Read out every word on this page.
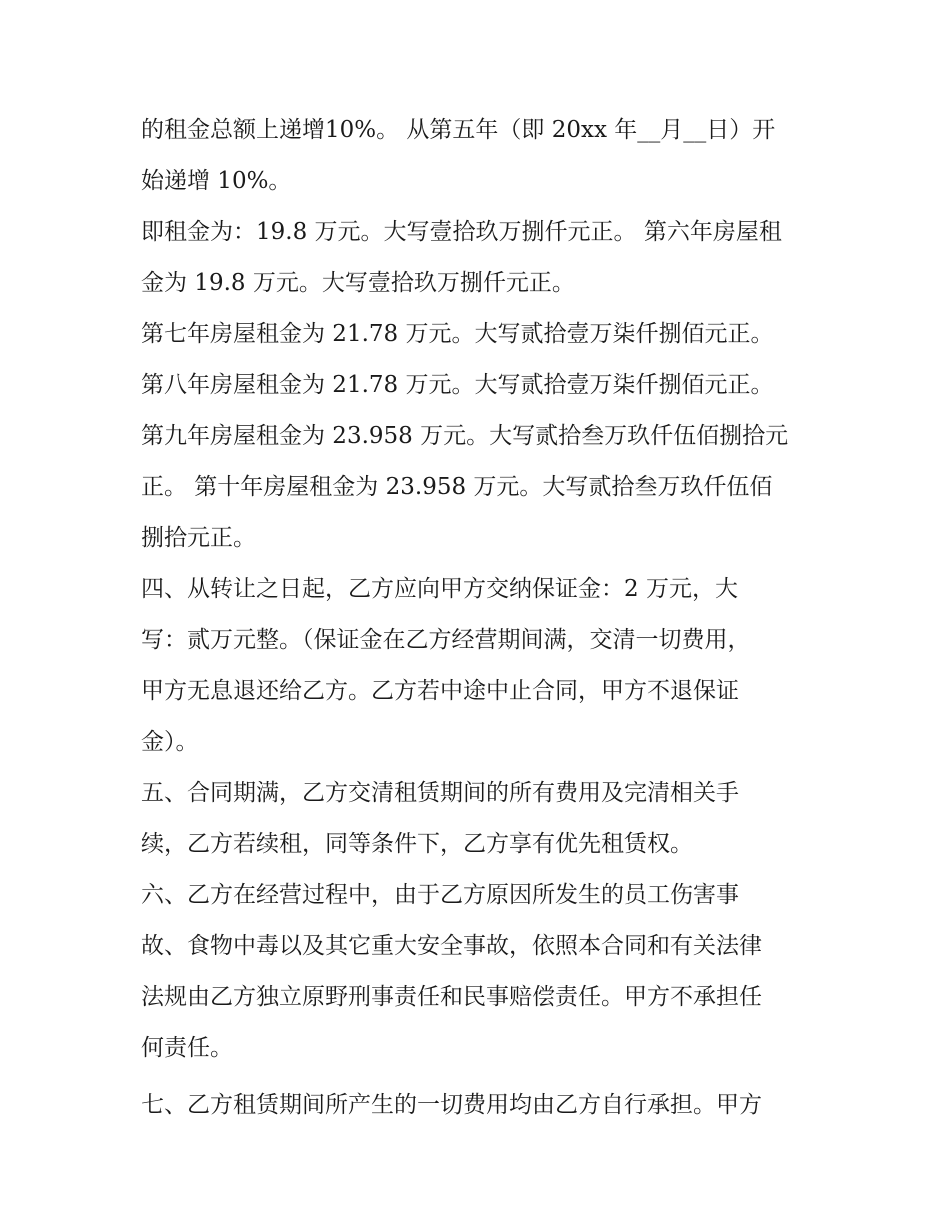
的租金总额上递增10%。 从第五年（即 20xx 年__月__日）开
始递增 10%。
即租金为：19.8 万元。大写壹拾玖万捌仟元正。 第六年房屋租
金为 19.8 万元。大写壹拾玖万捌仟元正。
第七年房屋租金为 21.78 万元。大写贰拾壹万柒仟捌佰元正。
第八年房屋租金为 21.78 万元。大写贰拾壹万柒仟捌佰元正。
第九年房屋租金为 23.958 万元。大写贰拾叁万玖仟伍佰捌拾元
正。 第十年房屋租金为 23.958 万元。大写贰拾叁万玖仟伍佰
捌拾元正。
四、从转让之日起，乙方应向甲方交纳保证金：2 万元，大
写：贰万元整。（保证金在乙方经营期间满，交清一切费用，
甲方无息退还给乙方。乙方若中途中止合同，甲方不退保证
金）。
五、合同期满，乙方交清租赁期间的所有费用及完清相关手
续，乙方若续租，同等条件下，乙方享有优先租赁权。
六、乙方在经营过程中，由于乙方原因所发生的员工伤害事
故、食物中毒以及其它重大安全事故，依照本合同和有关法律
法规由乙方独立原野刑事责任和民事赔偿责任。甲方不承担任
何责任。
七、乙方租赁期间所产生的一切费用均由乙方自行承担。甲方
